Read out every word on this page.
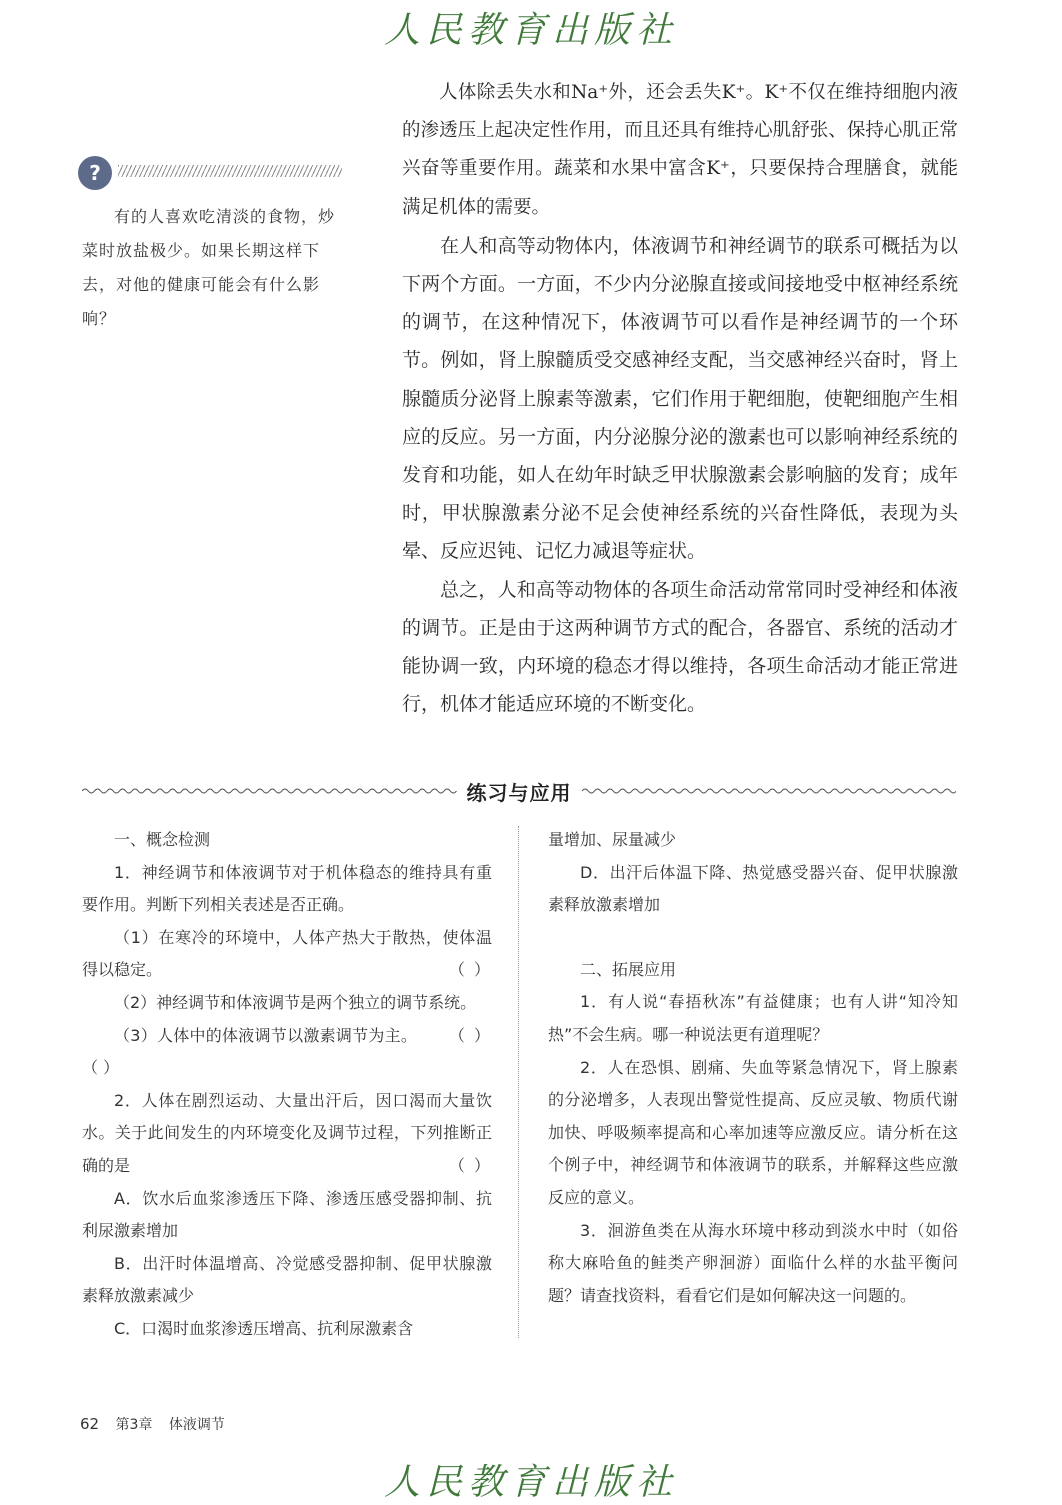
人民教育出版社
?

有的人喜欢吃清淡的食物，炒菜时放盐极少。如果长期这样下去，对他的健康可能会有什么影响？

人体除丢失水和Na⁺外，还会丢失K⁺。K⁺不仅在维持细胞内液的渗透压上起决定性作用，而且还具有维持心肌舒张、保持心肌正常兴奋等重要作用。蔬菜和水果中富含K⁺，只要保持合理膳食，就能满足机体的需要。

在人和高等动物体内，体液调节和神经调节的联系可概括为以下两个方面。一方面，不少内分泌腺直接或间接地受中枢神经系统的调节，在这种情况下，体液调节可以看作是神经调节的一个环节。例如，肾上腺髓质受交感神经支配，当交感神经兴奋时，肾上腺髓质分泌肾上腺素等激素，它们作用于靶细胞，使靶细胞产生相应的反应。另一方面，内分泌腺分泌的激素也可以影响神经系统的发育和功能，如人在幼年时缺乏甲状腺激素会影响脑的发育；成年时，甲状腺激素分泌不足会使神经系统的兴奋性降低，表现为头晕、反应迟钝、记忆力减退等症状。

总之，人和高等动物体的各项生命活动常常同时受神经和体液的调节。正是由于这两种调节方式的配合，各器官、系统的活动才能协调一致，内环境的稳态才得以维持，各项生命活动才能正常进行，机体才能适应环境的不断变化。

练习与应用

一、概念检测

1．神经调节和体液调节对于机体稳态的维持具有重要作用。判断下列相关表述是否正确。

（1）在寒冷的环境中，人体产热大于散热，使体温得以稳定。	（ ）

（2）神经调节和体液调节是两个独立的调节系统。
（ ）

（3）人体中的体液调节以激素调节为主。（ ）

2．人体在剧烈运动、大量出汗后，因口渴而大量饮水。关于此间发生的内环境变化及调节过程，下列推断正确的是	（ ）

A．饮水后血浆渗透压下降、渗透压感受器抑制、抗利尿激素增加

B．出汗时体温增高、冷觉感受器抑制、促甲状腺激素释放激素减少

C．口渴时血浆渗透压增高、抗利尿激素含

量增加、尿量减少

D．出汗后体温下降、热觉感受器兴奋、促甲状腺激素释放激素增加

二、拓展应用

1．有人说“春捂秋冻”有益健康；也有人讲“知冷知热”不会生病。哪一种说法更有道理呢？

2．人在恐惧、剧痛、失血等紧急情况下，肾上腺素的分泌增多，人表现出警觉性提高、反应灵敏、物质代谢加快、呼吸频率提高和心率加速等应激反应。请分析在这个例子中，神经调节和体液调节的联系，并解释这些应激反应的意义。

3．洄游鱼类在从海水环境中移动到淡水中时（如俗称大麻哈鱼的鲑类产卵洄游）面临什么样的水盐平衡问题？请查找资料，看看它们是如何解决这一问题的。

62 第3章 体液调节
人民教育出版社
